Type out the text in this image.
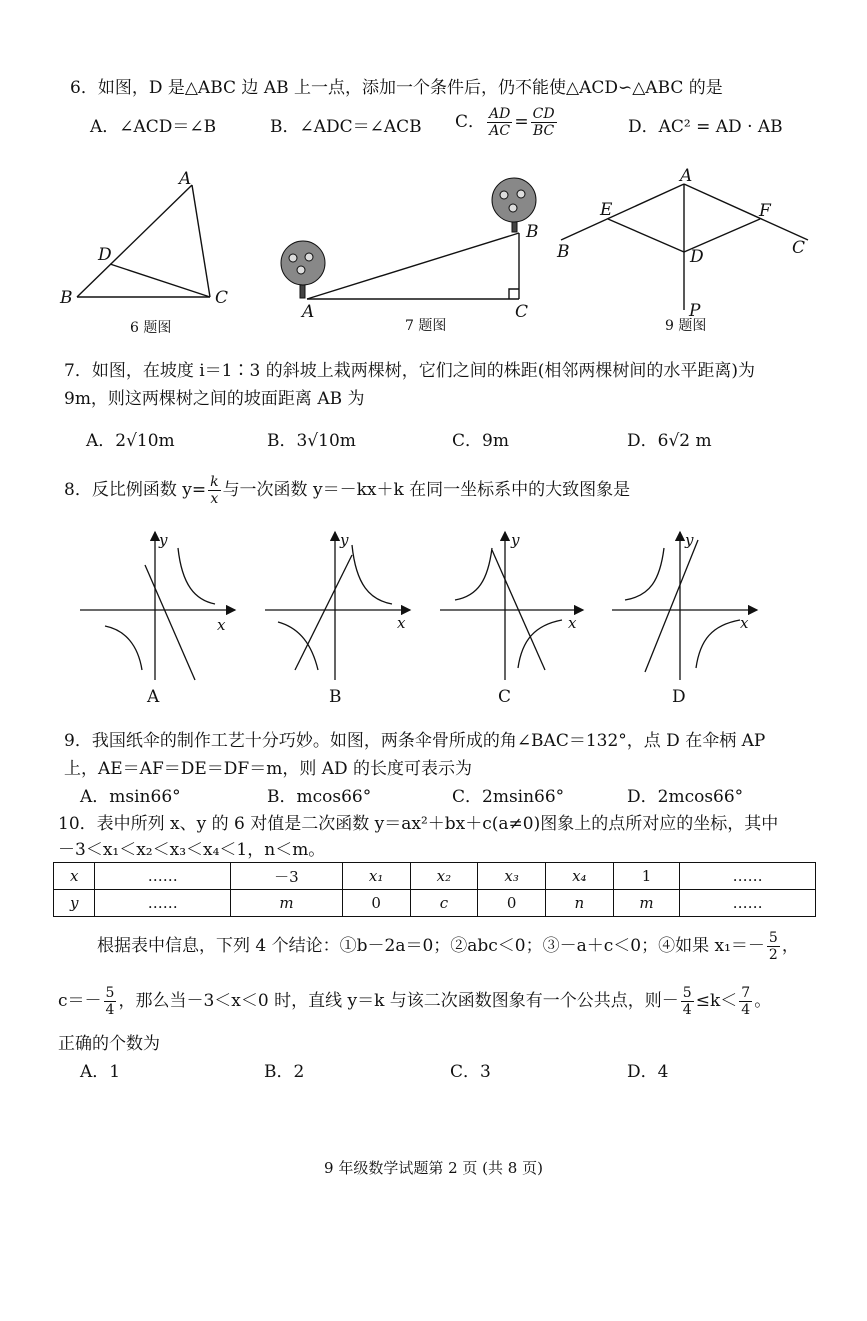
6．如图，D 是△ABC 边 AB 上一点，添加一个条件后，仍不能使△ACD∽△ABC 的是
A．∠ACD＝∠B	B．∠ADC＝∠ACB C． $\frac{AD}{AC} = \frac{CD}{BC}$	D．AC² = AD · AB
A
B	C
D
6 题图
A
B
C
7 题图
A
B	C
D
E	F
P
9 题图
7．如图，在坡度 i＝1∶3 的斜坡上栽两棵树，它们之间的株距(相邻两棵树间的水平距离)为
9m，则这两棵树之间的坡面距离 AB 为
A．2√10m	B．3√10m	C．9m	D．6√2 m
8．反比例函数 $y= \frac{k}{x}$ 与一次函数 y＝－kx＋k 在同一坐标系中的大致图象是
y
x
y
x
y
x
y
x
A	B	C	D
9．我国纸伞的制作工艺十分巧妙。如图，两条伞骨所成的角∠BAC＝132°，点 D 在伞柄 AP
上，AE＝AF＝DE＝DF＝m，则 AD 的长度可表示为
A．msin66°	B．mcos66°	C．2msin66°	D．2mcos66°
10．表中所列 x、y 的 6 对值是二次函数 y＝ax²＋bx＋c(a≠0)图象上的点所对应的坐标，其中
－3＜x₁＜x₂＜x₃＜x₄＜1，n＜m。
x	……	－3	x₁	x₂	x₃	x₄	1	……
y	……	m	0	c	0	n	m	……
根据表中信息，下列 4 个结论：①b－2a＝0；②abc＜0；③－a＋c＜0；④如果 $x_1=- \frac{5}{2}$ ，
$c=- \frac{5}{4}$ ，那么当－3＜x＜0 时，直线 y＝k 与该二次函数图象有一个公共点，则－ $\frac{5}{4} \le k< \frac{7}{4}$ 。
正确的个数为
A．1	B．2	C．3	D．4
9 年级数学试题第 2 页 (共 8 页)
